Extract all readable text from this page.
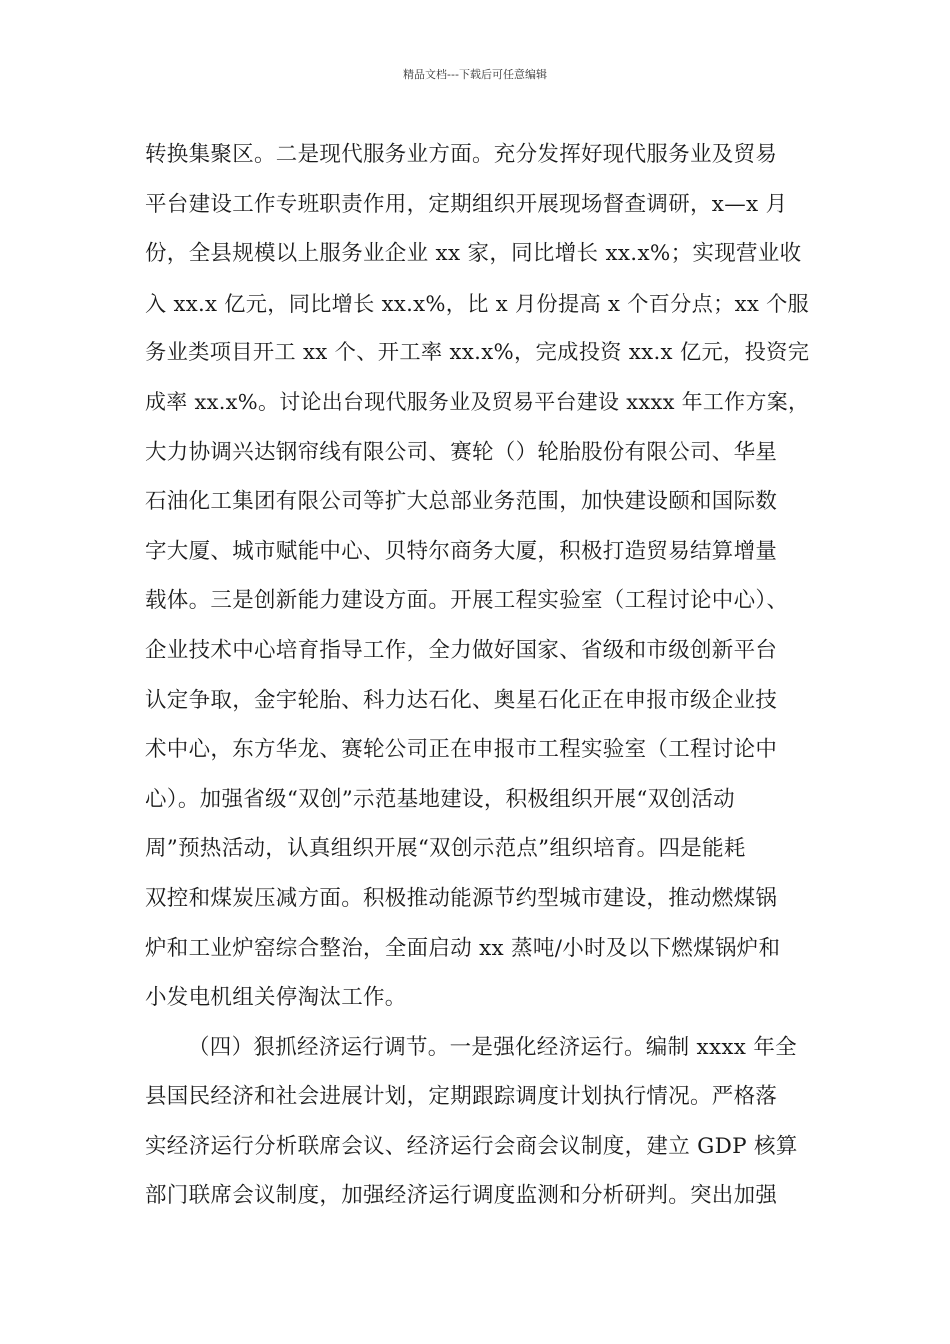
精品文档---下载后可任意编辑
转换集聚区。二是现代服务业方面。充分发挥好现代服务业及贸易
平台建设工作专班职责作用，定期组织开展现场督查调研，x—x 月
份，全县规模以上服务业企业 xx 家，同比增长 xx.x%；实现营业收
入 xx.x 亿元，同比增长 xx.x%，比 x 月份提高 x 个百分点；xx 个服
务业类项目开工 xx 个、开工率 xx.x%，完成投资 xx.x 亿元，投资完
成率 xx.x%。讨论出台现代服务业及贸易平台建设 xxxx 年工作方案，
大力协调兴达钢帘线有限公司、赛轮（）轮胎股份有限公司、华星
石油化工集团有限公司等扩大总部业务范围，加快建设颐和国际数
字大厦、城市赋能中心、贝特尔商务大厦，积极打造贸易结算增量
载体。三是创新能力建设方面。开展工程实验室（工程讨论中心）、
企业技术中心培育指导工作，全力做好国家、省级和市级创新平台
认定争取，金宇轮胎、科力达石化、奥星石化正在申报市级企业技
术中心，东方华龙、赛轮公司正在申报市工程实验室（工程讨论中
心）。加强省级“双创”示范基地建设，积极组织开展“双创活动
周”预热活动，认真组织开展“双创示范点”组织培育。四是能耗
双控和煤炭压减方面。积极推动能源节约型城市建设，推动燃煤锅
炉和工业炉窑综合整治，全面启动 xx 蒸吨/小时及以下燃煤锅炉和
小发电机组关停淘汰工作。
（四）狠抓经济运行调节。一是强化经济运行。编制 xxxx 年全
县国民经济和社会进展计划，定期跟踪调度计划执行情况。严格落
实经济运行分析联席会议、经济运行会商会议制度，建立 GDP 核算
部门联席会议制度，加强经济运行调度监测和分析研判。突出加强
